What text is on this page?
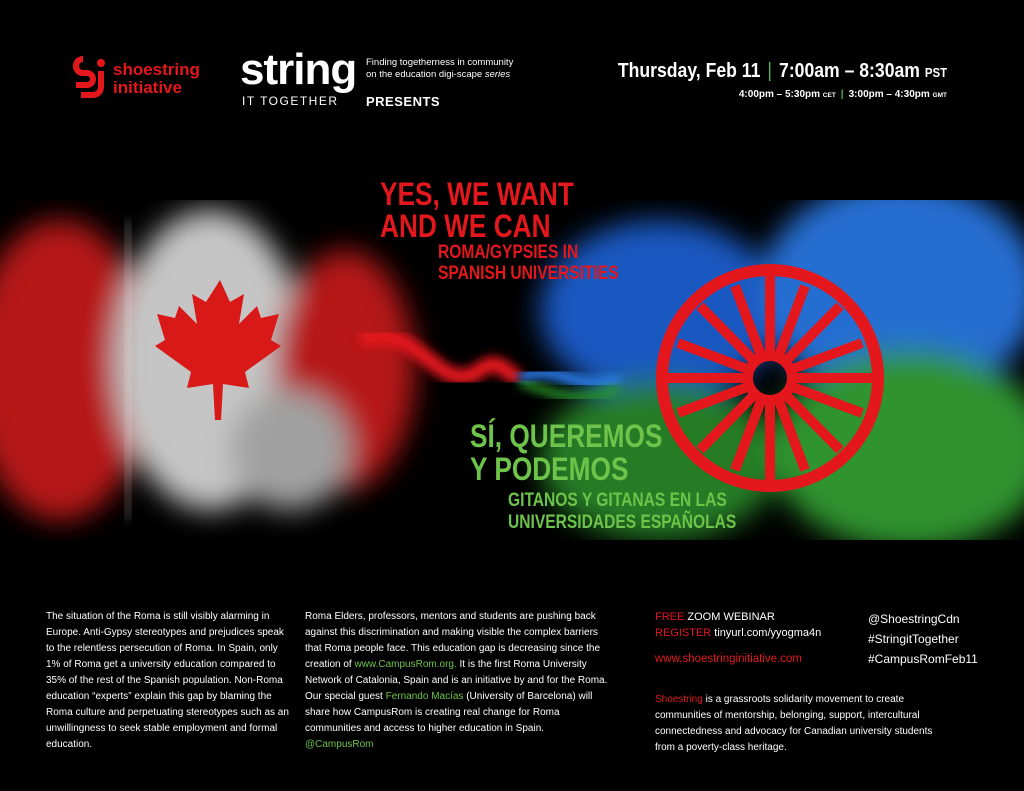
shoestring
initiative	string
IT TOGETHER
Finding togetherness in community on the education digi-scape series
PRESENTS
Thursday, Feb 11 | 7:00am – 8:30am PST
4:00pm – 5:30pm CET | 3:00pm – 4:30pm GMT
YES, WE WANT
AND WE CAN
ROMA/GYPSIES IN
SPANISH UNIVERSITIES
SÍ, QUEREMOS
Y PODEMOS
GITANOS Y GITANAS EN LAS
UNIVERSIDADES ESPAÑOLAS
The situation of the Roma is still visibly alarming in Europe. Anti-Gypsy stereotypes and prejudices speak to the relentless persecution of Roma. In Spain, only 1% of Roma get a university education compared to 35% of the rest of the Spanish population. Non-Roma education “experts” explain this gap by blaming the Roma culture and perpetuating stereotypes such as an unwillingness to seek stable employment and formal education.
Roma Elders, professors, mentors and students are pushing back against this discrimination and making visible the complex barriers that Roma people face. This education gap is decreasing since the creation of www.CampusRom.org. It is the first Roma University Network of Catalonia, Spain and is an initiative by and for the Roma. Our special guest Fernando Macías (University of Barcelona) will share how CampusRom is creating real change for Roma communities and access to higher education in Spain. @CampusRom
FREE ZOOM WEBINAR
REGISTER tinyurl.com/yyogma4n
www.shoestringinitiative.com
@ShoestringCdn
#StringitTogether
#CampusRomFeb11
Shoestring is a grassroots solidarity movement to create communities of mentorship, belonging, support, intercultural connectedness and advocacy for Canadian university students from a poverty-class heritage.
